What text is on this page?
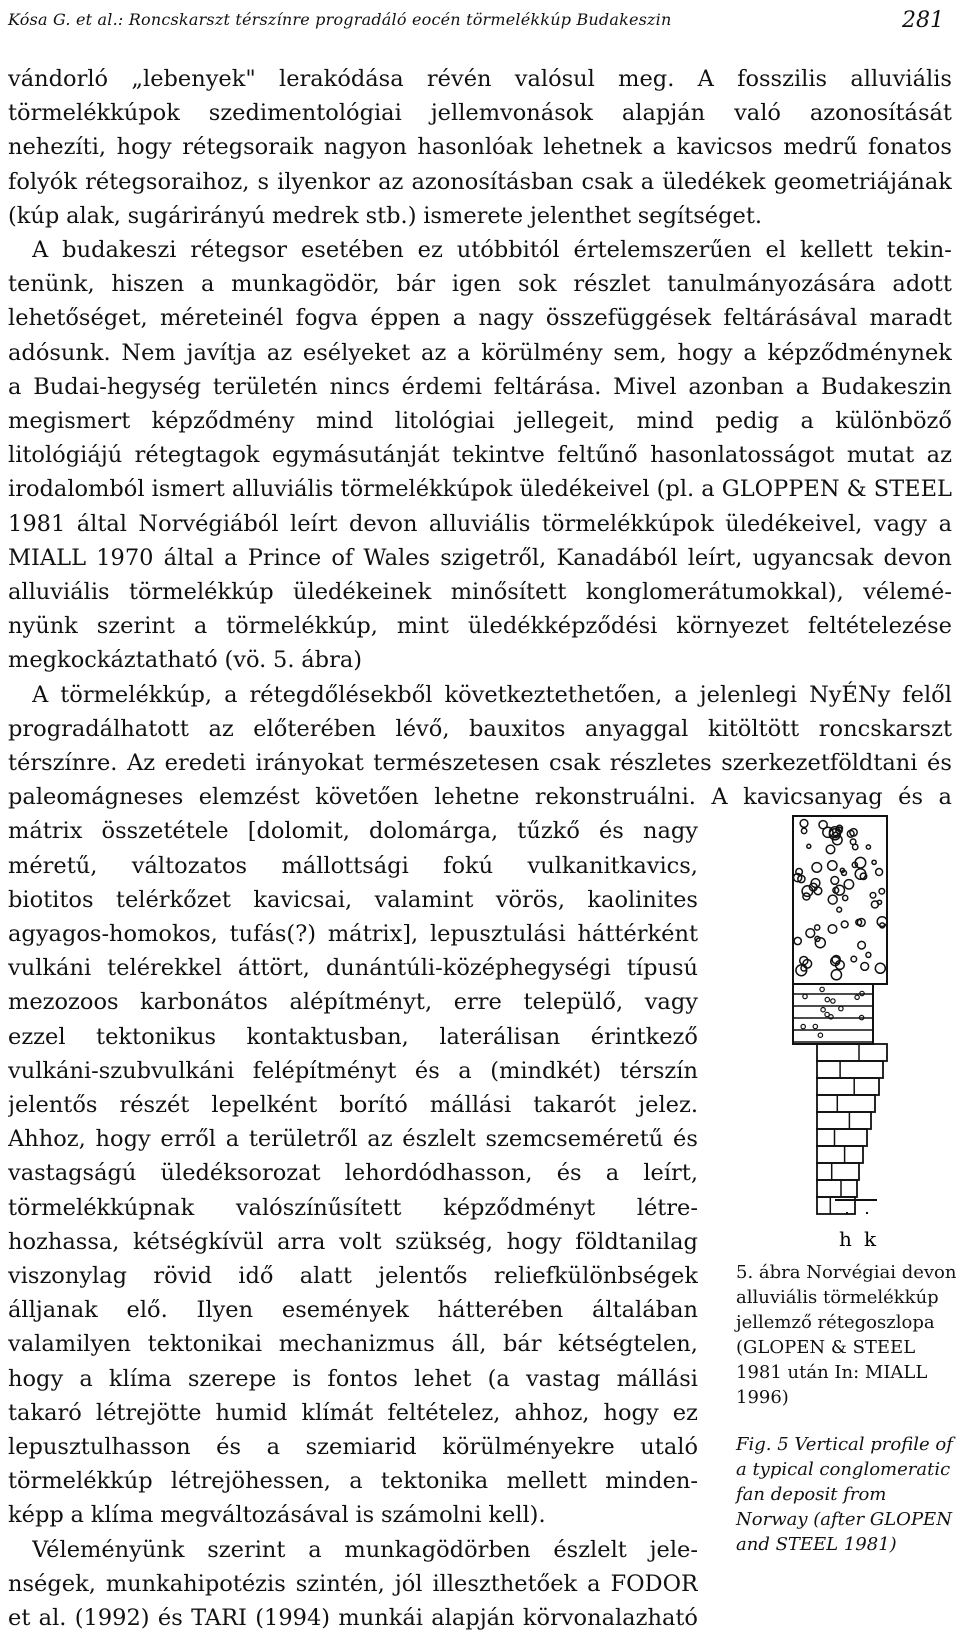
Kósa G. et al.: Roncskarszt térszínre progradáló eocén törmelékkúp Budakeszin	281
vándorló „lebenyek" lerakódása révén valósul meg. A fosszilis alluviális
törmelékkúpok szedimentológiai jellemvonások alapján való azonosítását
nehezíti, hogy rétegsoraik nagyon hasonlóak lehetnek a kavicsos medrű fonatos
folyók rétegsoraihoz, s ilyenkor az azonosításban csak a üledékek geometriájának
(kúp alak, sugárirányú medrek stb.) ismerete jelenthet segítséget.
A budakeszi rétegsor esetében ez utóbbitól értelemszerűen el kellett tekin-
tenünk, hiszen a munkagödör, bár igen sok részlet tanulmányozására adott
lehetőséget, méreteinél fogva éppen a nagy összefüggések feltárásával maradt
adósunk. Nem javítja az esélyeket az a körülmény sem, hogy a képződménynek
a Budai-hegység területén nincs érdemi feltárása. Mivel azonban a Budakeszin
megismert képződmény mind litológiai jellegeit, mind pedig a különböző
litológiájú rétegtagok egymásutánját tekintve feltűnő hasonlatosságot mutat az
irodalomból ismert alluviális törmelékkúpok üledékeivel (pl. a GLOPPEN & STEEL
1981 által Norvégiából leírt devon alluviális törmelékkúpok üledékeivel, vagy a
MIALL 1970 által a Prince of Wales szigetről, Kanadából leírt, ugyancsak devon
alluviális törmelékkúp üledékeinek minősített konglomerátumokkal), vélemé-
nyünk szerint a törmelékkúp, mint üledékképződési környezet feltételezése
megkockáztatható (vö. 5. ábra)
A törmelékkúp, a rétegdőlésekből következtethetően, a jelenlegi NyÉNy felől
progradálhatott az előterében lévő, bauxitos anyaggal kitöltött roncskarszt
térszínre. Az eredeti irányokat természetesen csak részletes szerkezetföldtani és
paleomágneses elemzést követően lehetne rekonstruálni. A kavicsanyag és a
mátrix összetétele [dolomit, dolomárga, tűzkő és nagy
méretű, változatos mállottsági fokú vulkanitkavics,
biotitos telérkőzet kavicsai, valamint vörös, kaolinites
agyagos-homokos, tufás(?) mátrix], lepusztulási háttérként
vulkáni telérekkel áttört, dunántúli-középhegységi típusú
mezozoos karbonátos alépítményt, erre települő, vagy
ezzel tektonikus kontaktusban, laterálisan érintkező
vulkáni-szubvulkáni felépítményt és a (mindkét) térszín
jelentős részét lepelként borító mállási takarót jelez.
Ahhoz, hogy erről a területről az észlelt szemcseméretű és
vastagságú üledéksorozat lehordódhasson, és a leírt,
törmelékkúpnak valószínűsített képződményt létre-
hozhassa, kétségkívül arra volt szükség, hogy földtanilag
viszonylag rövid idő alatt jelentős reliefkülönbségek
álljanak elő. Ilyen események hátterében általában
valamilyen tektonikai mechanizmus áll, bár kétségtelen,
hogy a klíma szerepe is fontos lehet (a vastag mállási
takaró létrejötte humid klímát feltételez, ahhoz, hogy ez
lepusztulhasson és a szemiarid körülményekre utaló
törmelékkúp létrejöhessen, a tektonika mellett minden-
képp a klíma megváltozásával is számolni kell).
Véleményünk szerint a munkagödörben észlelt jele-
nségek, munkahipotézis szintén, jól illeszthetőek a FODOR
et al. (1992) és TARI (1994) munkái alapján körvonalazható
h k
5. ábra Norvégiai devon alluviális törmelékkúp jellemző rétegoszlopa (GLOPEN & STEEL 1981 után In: MIALL 1996)
Fig. 5 Vertical profile of a typical conglomeratic fan deposit from Norway (after GLOPEN and STEEL 1981)
